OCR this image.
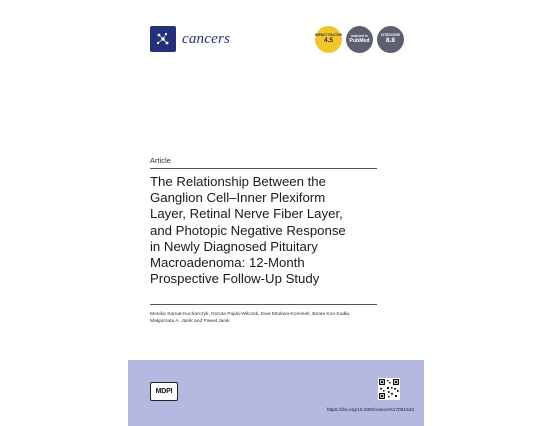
cancers	IMPACT FACTOR
4.5
Indexed in
PubMed
CITESCORE
8.8
Article
The Relationship Between the
Ganglion Cell–Inner Plexiform
Layer, Retinal Nerve Fiber Layer,
and Photopic Negative Response
in Newly Diagnosed Pituitary
Macroadenoma: 12-Month
Prospective Follow-Up Study
Monika Sarnat-Kucharczyk, Dorota Pojda-Wilczek, Ewa Mrukwa-Kominek, Beata Kos-Kudła,
Małgorzata A. Janik and Paweł Janik
MDPI
https://doi.org/10.3390/cancers17091542
